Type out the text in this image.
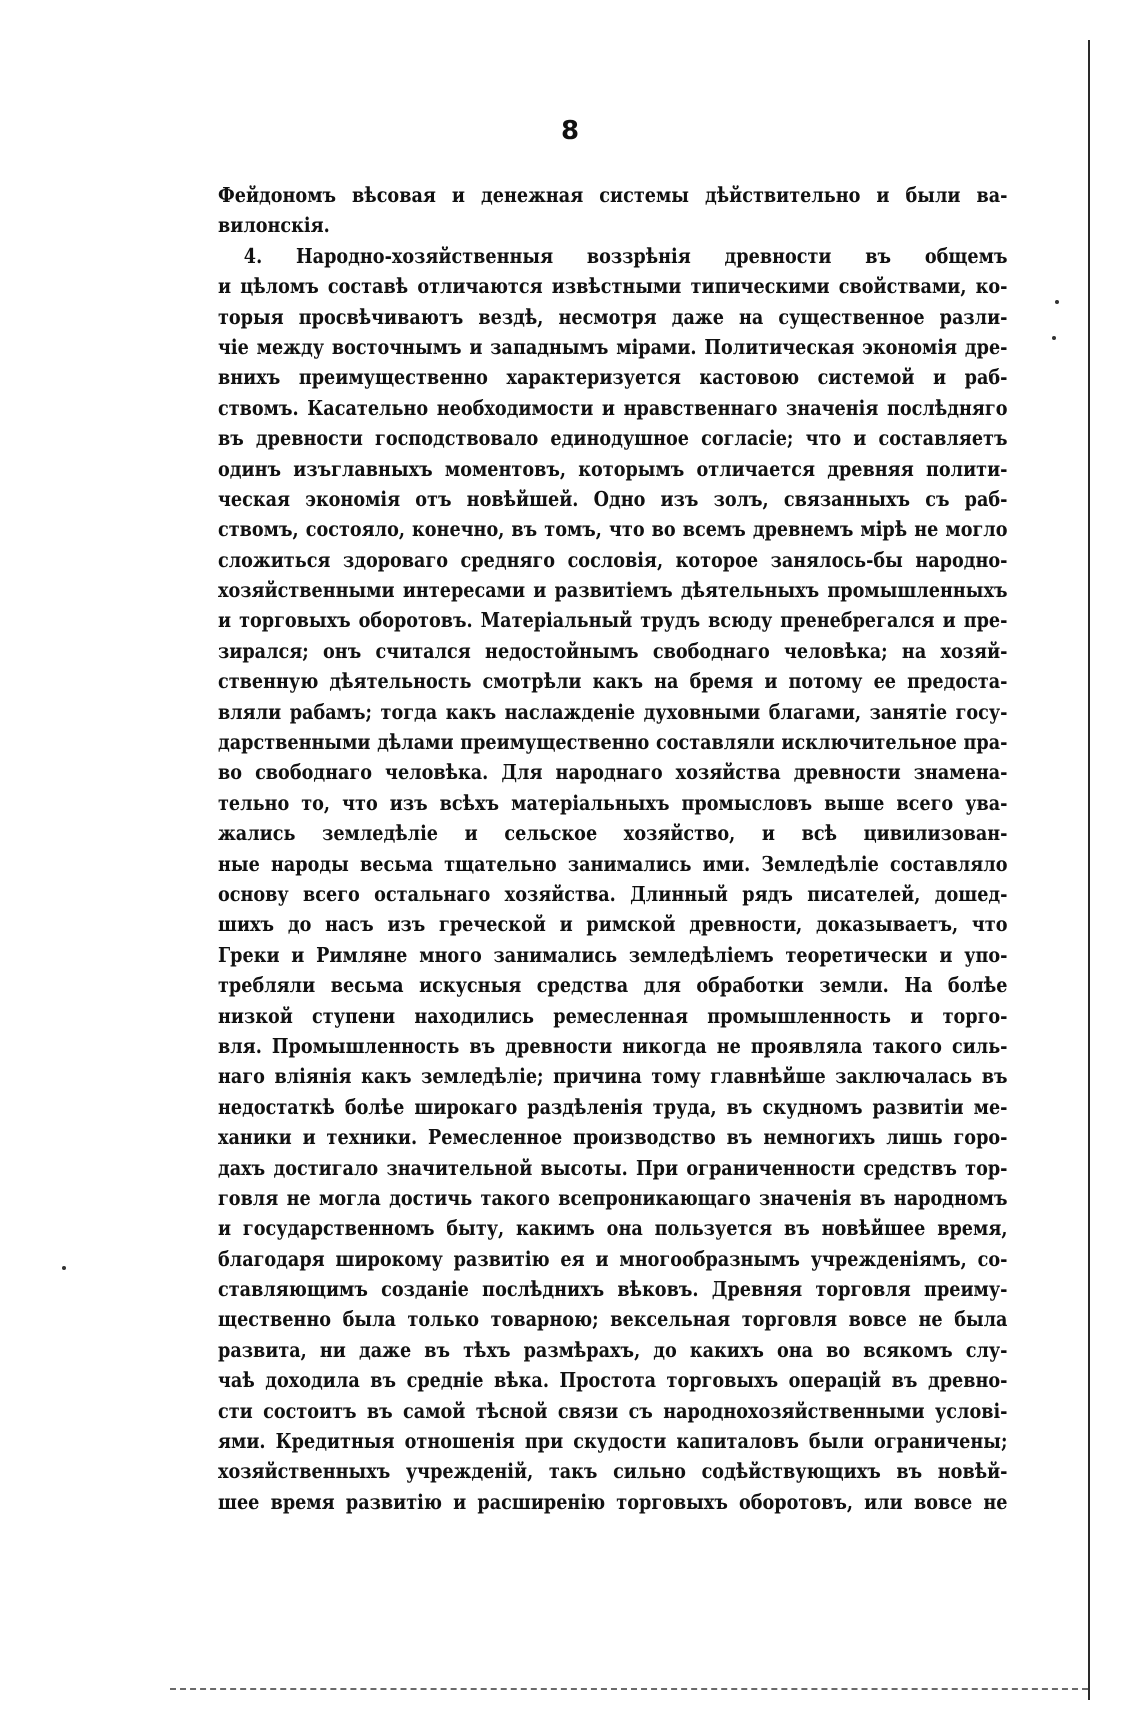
8
Фейдономъ вѣсовая и денежная системы дѣйствительно и были ва-
вилонскія.
4. Народно-хозяйственныя воззрѣнія древности въ общемъ
и цѣломъ составѣ отличаются извѣстными типическими свойствами, ко-
торыя просвѣчиваютъ вездѣ, несмотря даже на существенное разли-
чіе между восточнымъ и западнымъ мірами. Политическая экономія дре-
внихъ преимущественно характеризуется кастовою системой и раб-
ствомъ. Касательно необходимости и нравственнаго значенія послѣдняго
въ древности господствовало единодушное согласіе; что и составляетъ
одинъ изъглавныхъ моментовъ, которымъ отличается древняя полити-
ческая экономія отъ новѣйшей. Одно изъ золъ, связанныхъ съ раб-
ствомъ, состояло, конечно, въ томъ, что во всемъ древнемъ мірѣ не могло
сложиться здороваго средняго сословія, которое занялось-бы народно-
хозяйственными интересами и развитіемъ дѣятельныхъ промышленныхъ
и торговыхъ оборотовъ. Матеріальный трудъ всюду пренебрегался и пре-
зирался; онъ считался недостойнымъ свободнаго человѣка; на хозяй-
ственную дѣятельность смотрѣли какъ на бремя и потому ее предоста-
вляли рабамъ; тогда какъ наслажденіе духовными благами, занятіе госу-
дарственными дѣлами преимущественно составляли исключительное пра-
во свободнаго человѣка. Для народнаго хозяйства древности знамена-
тельно то, что изъ всѣхъ матеріальныхъ промысловъ выше всего ува-
жались земледѣліе и сельское хозяйство, и всѣ цивилизован-
ные народы весьма тщательно занимались ими. Земледѣліе составляло
основу всего остальнаго хозяйства. Длинный рядъ писателей, дошед-
шихъ до насъ изъ греческой и римской древности, доказываетъ, что
Греки и Римляне много занимались земледѣліемъ теоретически и упо-
требляли весьма искусныя средства для обработки земли. На болѣе
низкой ступени находились ремесленная промышленность и торго-
вля. Промышленность въ древности никогда не проявляла такого силь-
наго вліянія какъ земледѣліе; причина тому главнѣйше заключалась въ
недостаткѣ болѣе широкаго раздѣленія труда, въ скудномъ развитіи ме-
ханики и техники. Ремесленное производство въ немногихъ лишь горо-
дахъ достигало значительной высоты. При ограниченности средствъ тор-
говля не могла достичь такого всепроникающаго значенія въ народномъ
и государственномъ быту, какимъ она пользуется въ новѣйшее время,
благодаря широкому развитію ея и многообразнымъ учрежденіямъ, со-
ставляющимъ созданіе послѣднихъ вѣковъ. Древняя торговля преиму-
щественно была только товарною; вексельная торговля вовсе не была
развита, ни даже въ тѣхъ размѣрахъ, до какихъ она во всякомъ слу-
чаѣ доходила въ средніе вѣка. Простота торговыхъ операцій въ древно-
сти состоитъ въ самой тѣсной связи съ народнохозяйственными услові-
ями. Кредитныя отношенія при скудости капиталовъ были ограничены;
хозяйственныхъ учрежденій, такъ сильно содѣйствующихъ въ новѣй-
шее время развитію и расширенію торговыхъ оборотовъ, или вовсе не
